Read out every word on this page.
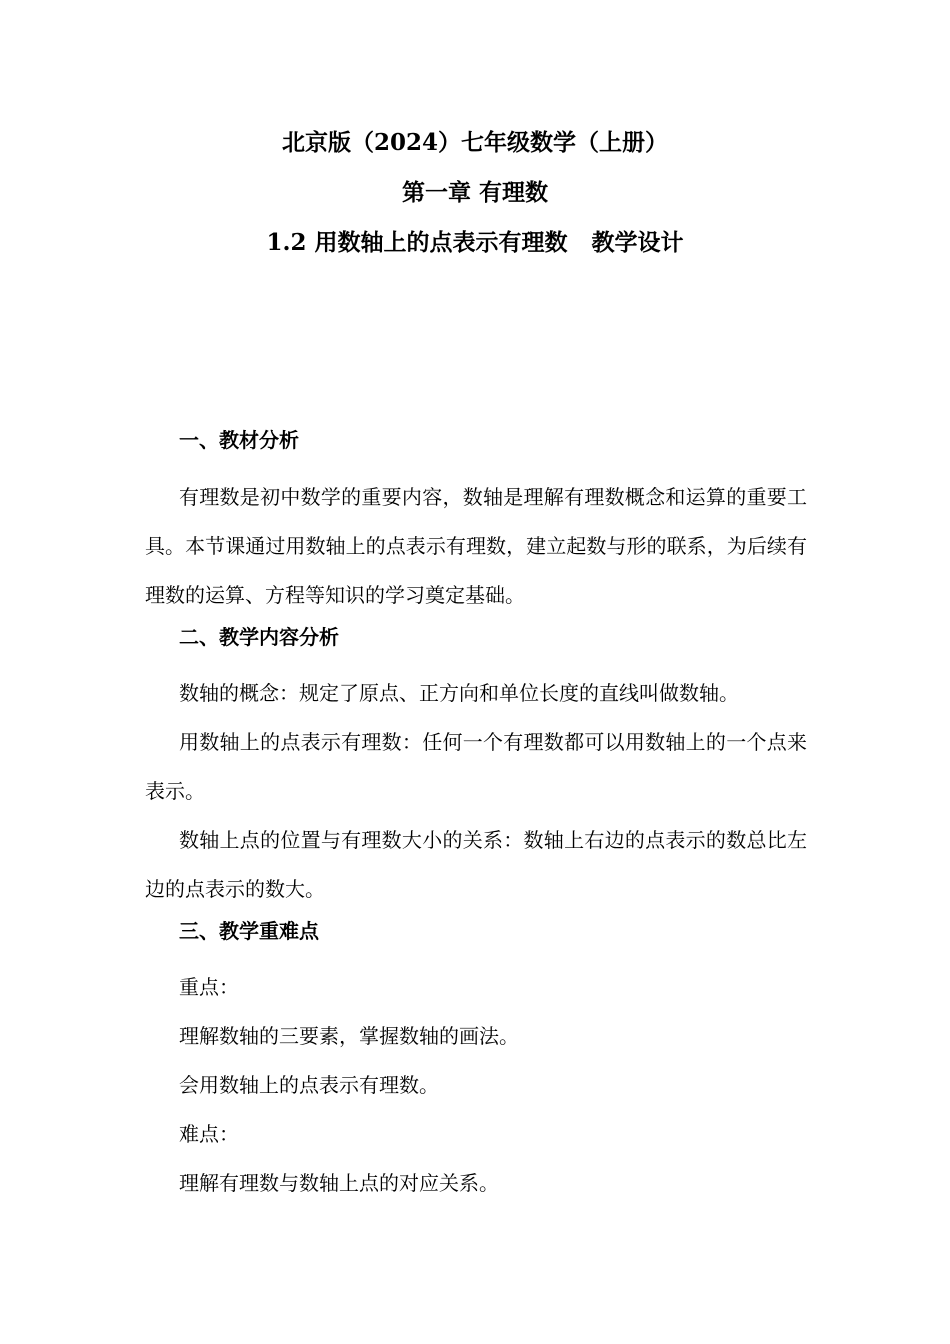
北京版（2024）七年级数学（上册）
第一章 有理数
1.2 用数轴上的点表示有理数   教学设计
一、教材分析

有理数是初中数学的重要内容，数轴是理解有理数概念和运算的重要工具。本节课通过用数轴上的点表示有理数，建立起数与形的联系，为后续有理数的运算、方程等知识的学习奠定基础。

二、教学内容分析

数轴的概念：规定了原点、正方向和单位长度的直线叫做数轴。

用数轴上的点表示有理数：任何一个有理数都可以用数轴上的一个点来表示。

数轴上点的位置与有理数大小的关系：数轴上右边的点表示的数总比左边的点表示的数大。

三、教学重难点
重点：
理解数轴的三要素，掌握数轴的画法。
会用数轴上的点表示有理数。
难点：
理解有理数与数轴上点的对应关系。
